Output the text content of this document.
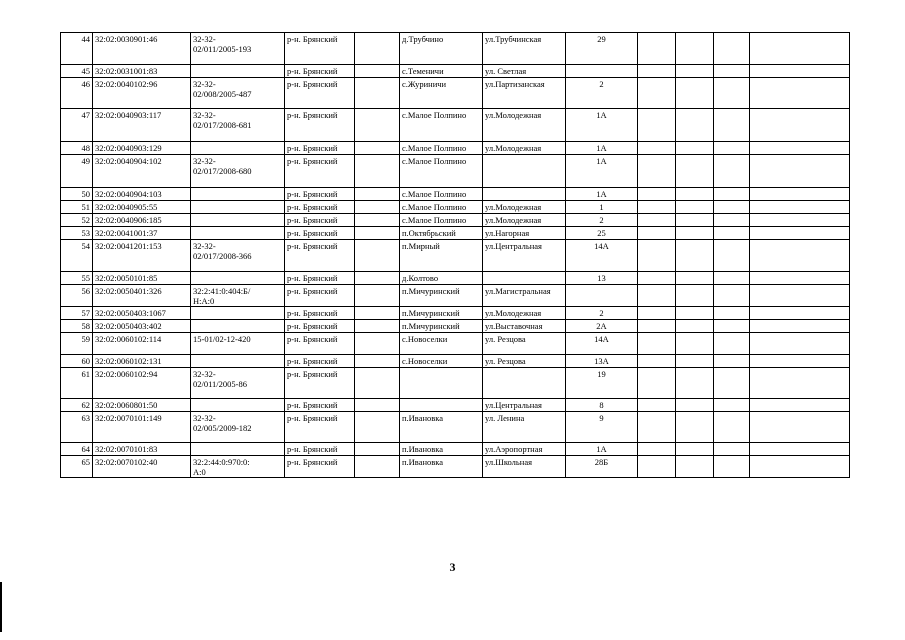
44	32:02:0030901:46	32-32-
02/011/2005-193	р-н. Брянский		д.Трубчино	ул.Трубчинская	29				
45	32:02:0031001:83		р-н. Брянский		с.Теменичи	ул. Светлая					
46	32:02:0040102:96	32-32-
02/008/2005-487	р-н. Брянский		с.Журиничи	ул.Партизанская	2				
47	32:02:0040903:117	32-32-
02/017/2008-681	р-н. Брянский		с.Малое Полпино	ул.Молодежная	1А				
48	32:02:0040903:129		р-н. Брянский		с.Малое Полпино	ул.Молодежная	1А				
49	32:02:0040904:102	32-32-
02/017/2008-680	р-н. Брянский		с.Малое Полпино		1А				
50	32:02:0040904:103		р-н. Брянский		с.Малое Полпино		1А				
51	32:02:0040905:55		р-н. Брянский		с.Малое Полпино	ул.Молодежная	1				
52	32:02:0040906:185		р-н. Брянский		с.Малое Полпино	ул.Молодежная	2				
53	32:02:0041001:37		р-н. Брянский		п.Октябрьский	ул.Нагорная	25				
54	32:02:0041201:153	32-32-
02/017/2008-366	р-н. Брянский		п.Мирный	ул.Центральная	14А				
55	32:02:0050101:85		р-н. Брянский		д.Колтово		13				
56	32:02:0050401:326	32:2:41:0:404:Б/
Н:А:0	р-н. Брянский		п.Мичуринский	ул.Магистральная					
57	32:02:0050403:1067		р-н. Брянский		п.Мичуринский	ул.Молодежная	2				
58	32:02:0050403:402		р-н. Брянский		п.Мичуринский	ул.Выставочная	2А				
59	32:02:0060102:114	15-01/02-12-420	р-н. Брянский		с.Новоселки	ул. Резцова	14А				
60	32:02:0060102:131		р-н. Брянский		с.Новоселки	ул. Резцова	13А				
61	32:02:0060102:94	32-32-
02/011/2005-86	р-н. Брянский				19				
62	32:02:0060801:50		р-н. Брянский			ул.Центральная	8				
63	32:02:0070101:149	32-32-
02/005/2009-182	р-н. Брянский		п.Ивановка	ул. Ленина	9				
64	32:02:0070101:83		р-н. Брянский		п.Ивановка	ул.Аэропортная	1А				
65	32:02:0070102:40	32:2:44:0:970:0:
А:0	р-н. Брянский		п.Ивановка	ул.Школьная	28Б				
3
